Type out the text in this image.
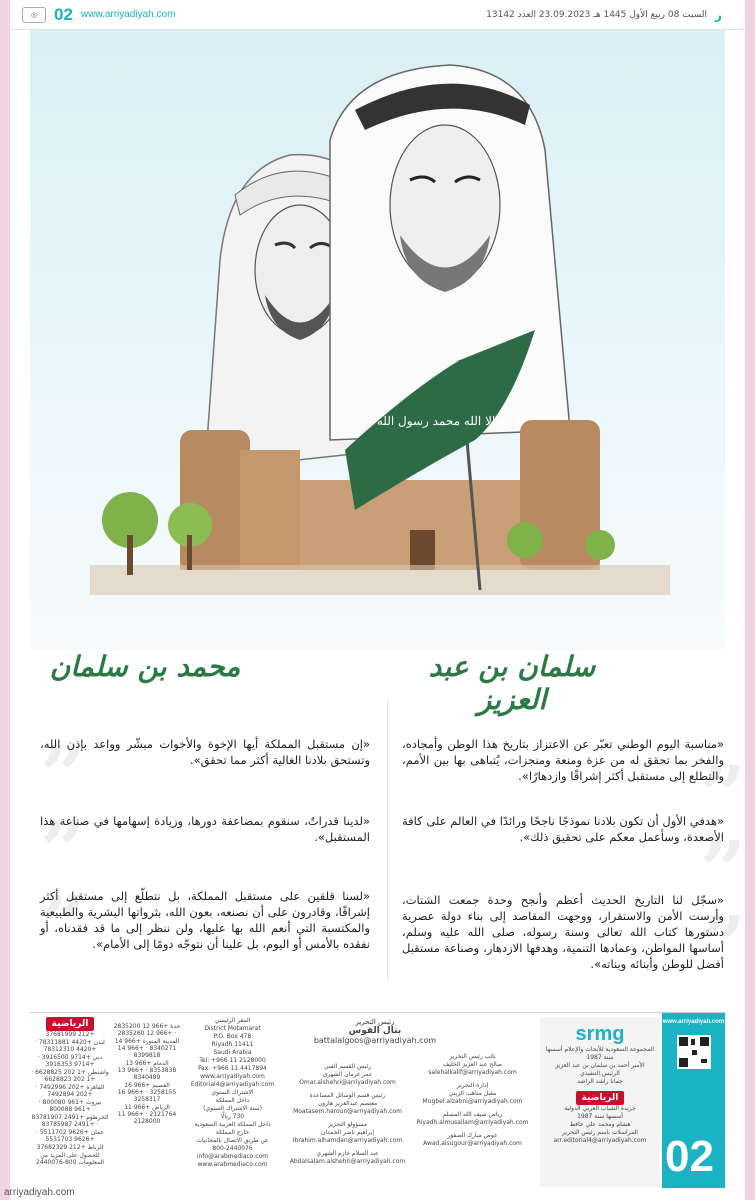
◎ 02 www.arriyadiyah.com	السبت 08 ربيع الأول 1445 هـ 23.09.2023 العدد 13142 ر
لا إله إلا الله محمد رسول الله
سلمان بن عبد العزيز
محمد بن سلمان
”
«مناسبة اليوم الوطني تعبّر عن الاعتزاز بتاريخ هذا الوطن وأمجاده، والفخر بما تحقق له من عزة ومنعة ومنجزات، يُتباهى بها بين الأمم، والتطلع إلى مستقبل أكثر إشراقًا وازدهارًا».
”
«هدفي الأول أن تكون بلادنا نموذجًا ناجحًا ورائدًا في العالم على كافة الأصعدة، وسأعمل معكم على تحقيق ذلك».
”
«سجّل لنا التاريخ الحديث أعظم وأنجح وحدة جمعت الشتات، وأرست الأمن والاستقرار، ووجهت المقاصد إلى بناء دولة عصرية دستورها كتاب الله تعالى وسنة رسوله، صلى الله عليه وسلم، أساسها المواطن، وعمادها التنمية، وهدفها الازدهار، وصناعة مستقبل أفضل للوطن وأبنائه وبناته».
”
«إن مستقبل المملكة أيها الإخوة والأخوات مبشّر وواعد بإذن الله، وتستحق بلادنا الغالية أكثر مما تحقق».
”
«لدينا قدراتٌ، سنقوم بمضاعفة دورها، وزيادة إسهامها في صناعة هذا المستقبل».
”
«لسنا قلقين على مستقبل المملكة، بل نتطلّع إلى مستقبل أكثر إشراقًا، وقادرون على أن نصنعه، بعون الله، بثرواتها البشرية والطبيعية والمكتسبة التي أنعم الله بها عليها، ولن ننظر إلى ما قد فقدناه، أو نفقده بالأمس أو اليوم، بل علينا أن نتوجّه دومًا إلى الأمام».
الرياضية
+212 37681999
لندن +4420 78311881 · +4420 78312310
دبي +9714 3916500 · +9714 3916353
واشنطن +1 202 6628825 · +1 202 6628823
القاهرة +202 7492996 · +202 7492894
بيروت +961 800080 · +961 800088
الخرطوم +2491 83781907 · +2491 83785987
عمان +9626 5511702 · +9626 5531703
الرباط +212 37682329
للحصول على المزيد من المعلومات 800-2440076
جدة +966 12 2835200 · +966 12 2835260
المدينة المنورة +966 14 8340271 · +966 14 8399818
الدمام +966 13 8353838 · +966 13 8340489
القصيم +966 16 3258155 · +966 16 3258317
الرياض +966 11 2121764 · +966 11 2128000
المقر الرئيسي
District Motamarat
P.O. Box 478
Riyadh 11411
Saudi Arabia
Tel: +966 11 2128000
Fax: +966 11 4417894
www.arriyadiyah.com
Editorial4@arriyadiyah.com
الاشتراك السنوي
داخل المملكة
(سنة الاشتراك السنوي)
730 ريالًا
داخل المملكة العربية السعودية
خارج المملكة
عن طريق الاتصال بالمجانيات
800-2440076
info@arabmediaco.com
www.arabmediaco.com
رئيس التحرير
بتال القوس
battalalgoos@arriyadiyah.com
نائب رئيس التحرير
صالح عبد العزيز الخليف
salehalkalif@arriyadiyah.com
إدارة التحرير
مقبل مناهب الزيني
Mugbel.alzabni@arriyadiyah.com
رياض ضيف الله المسلم
Riyadh.almusallam@arriyadiyah.com
عوض مبارك الصقور
Awad.alsugour@arriyadiyah.com
رئيس القسم الفني
عمر غرمان الشهري
Omar.alshehri@arriyadiyah.com
رئيس قسم الوسائل المساعدة
معتصم عبدالعزيز هارون
Moatasem.haroun@arriyadiyah.com
مسؤولو التحرير
إبراهيم ناصر الحمدان
Ibrahim.alhamdan@arriyadiyah.com
عبد السلام خازم الشهري
Abdalsalam.alshehri@arriyadiyah.com
srmg
المجموعة السعودية للأبحاث والإعلام أسسها
سنة 1987
الأمير أحمد بن سلمان بن عبد العزيز
الرئيس التنفيذي
جمانا راشد الراشد
الرياضية
جريدة الشباب العربي الدولية
أسسها سنة 1987
هشام ومحمد علي حافظ
المراسلات باسم رئيس التحرير
arr.editorial4@arriyadiyah.com
www.arriyadiyah.com
02
arriyadiyah.com
